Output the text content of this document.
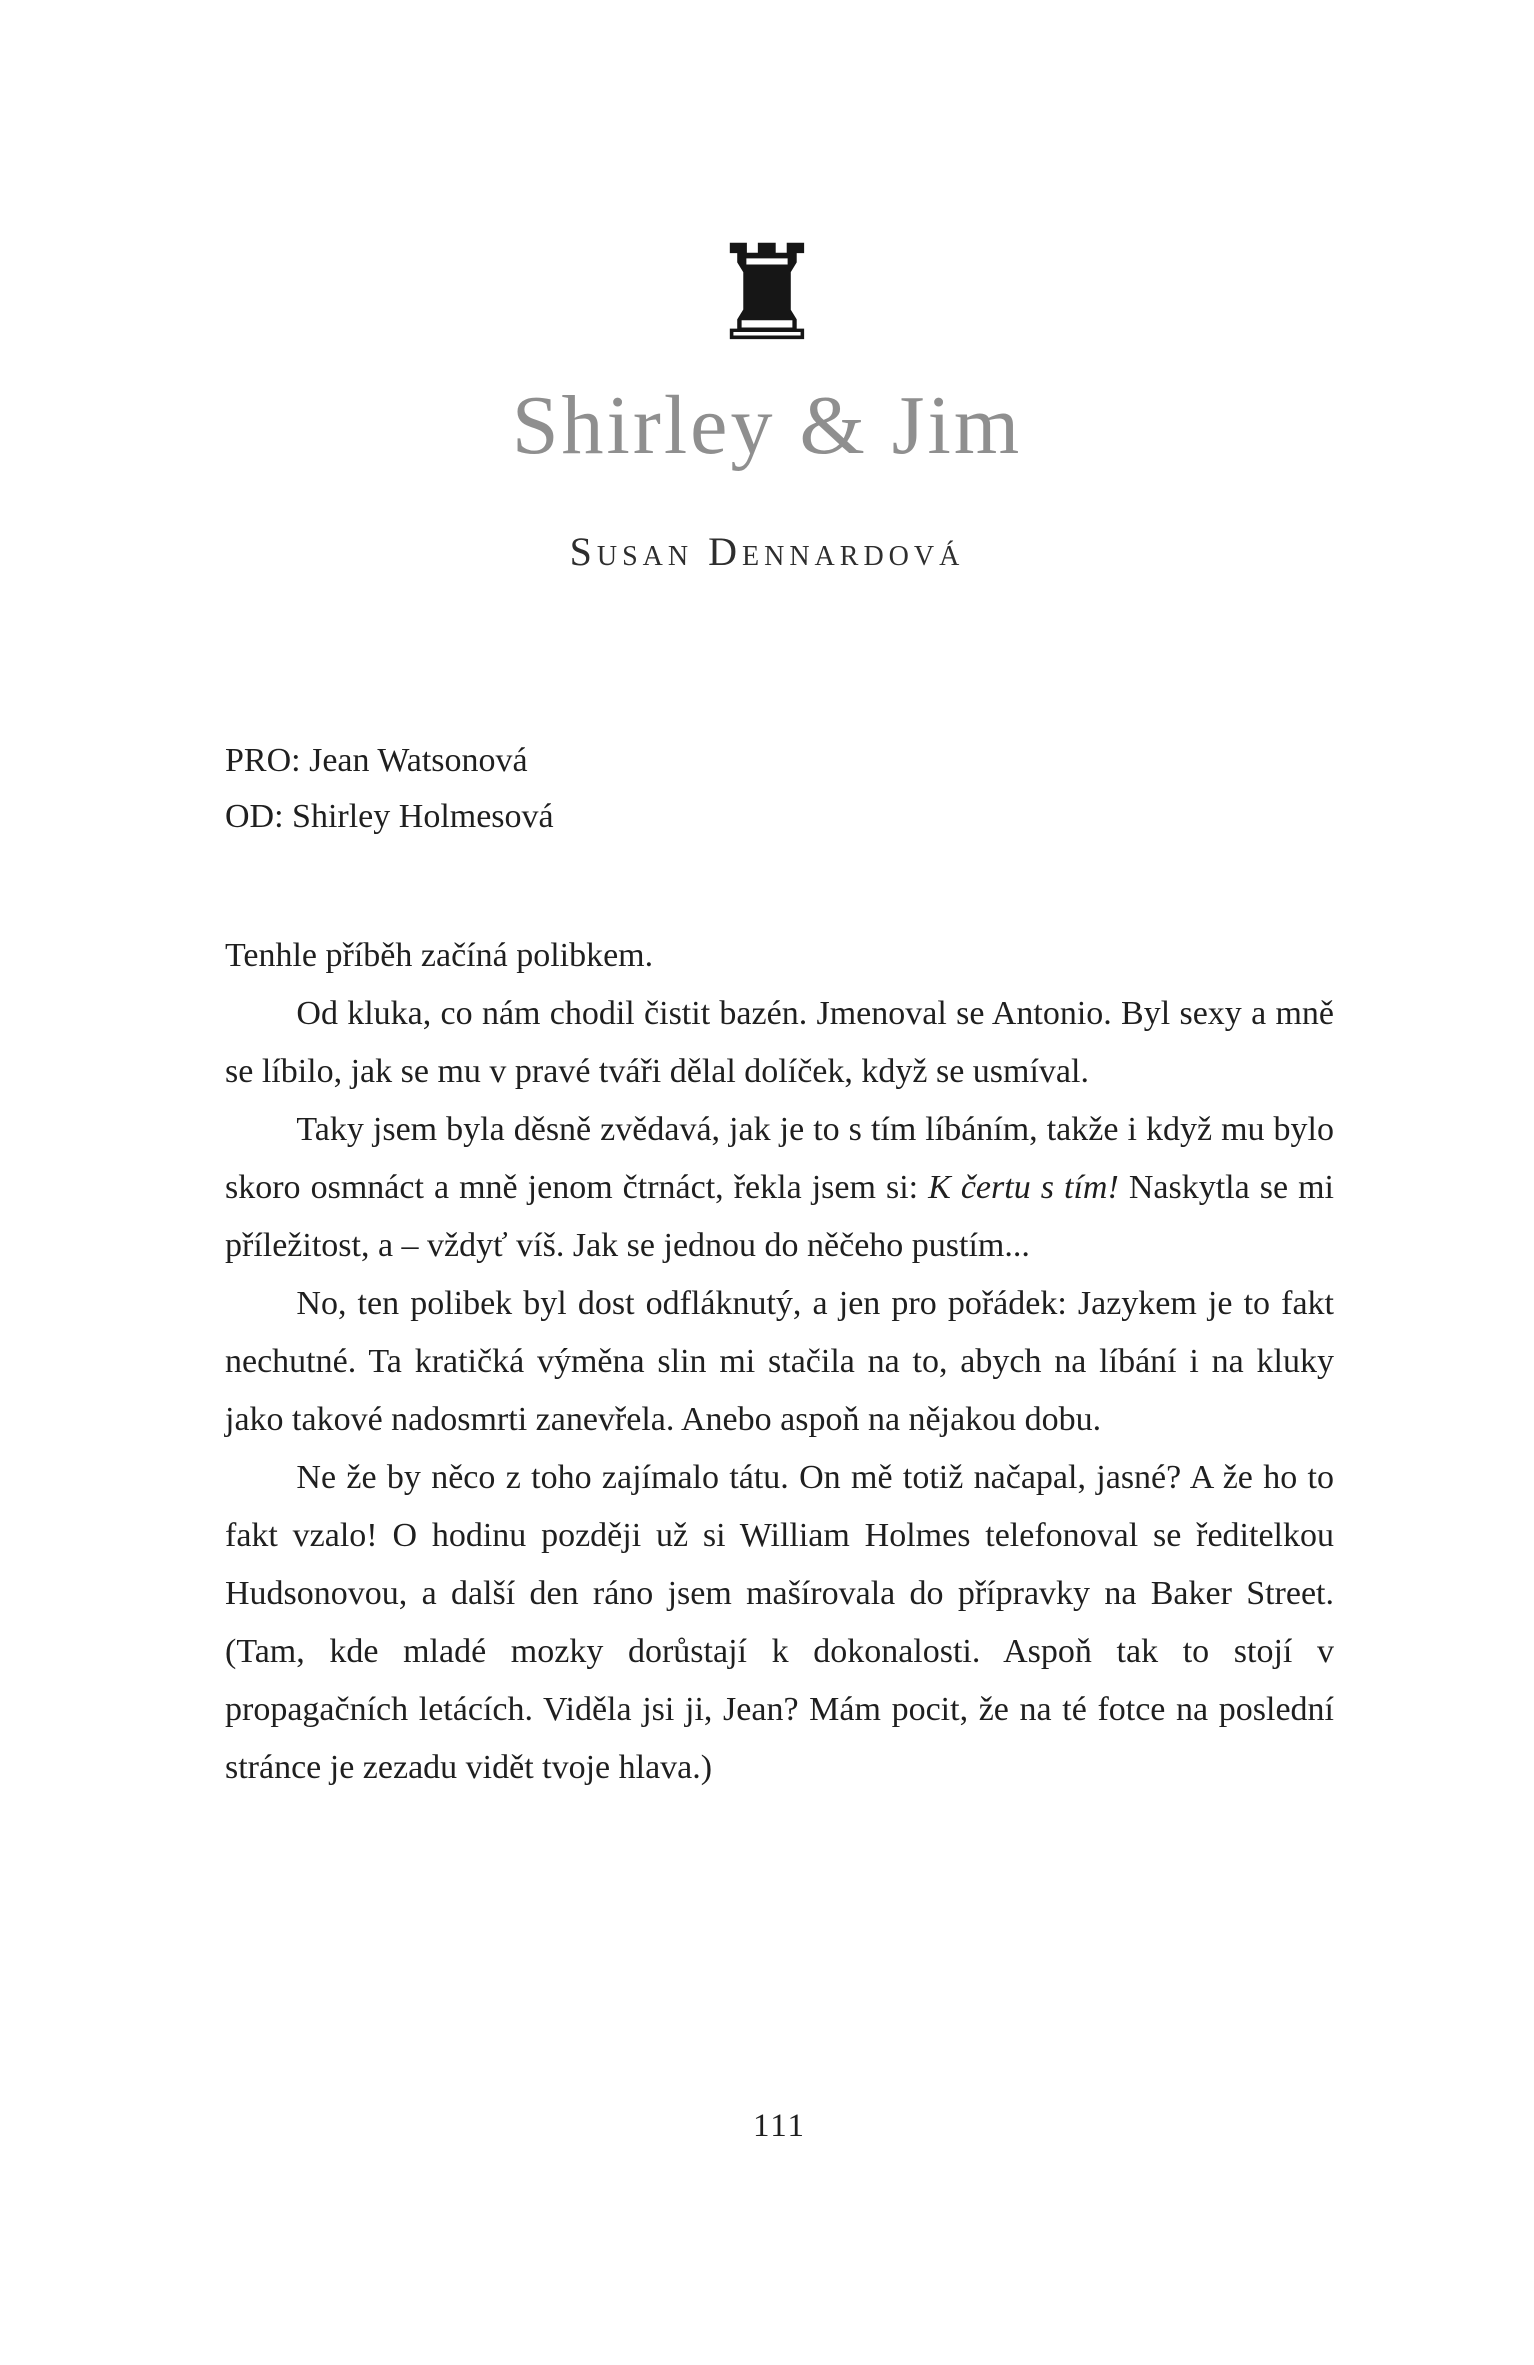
♜
Shirley & Jim
Susan Dennardová
PRO: Jean Watsonová
OD: Shirley Holmesová

Tenhle příběh začíná polibkem.

Od kluka, co nám chodil čistit bazén. Jmenoval se Antonio. Byl sexy a mně se líbilo, jak se mu v pravé tváři dělal dolíček, když se usmíval.

Taky jsem byla děsně zvědavá, jak je to s tím líbáním, takže i když mu bylo skoro osmnáct a mně jenom čtrnáct, řekla jsem si: K čertu s tím! Naskytla se mi příležitost, a – vždyť víš. Jak se jednou do něčeho pustím...

No, ten polibek byl dost odfláknutý, a jen pro pořádek: Jazykem je to fakt nechutné. Ta kratičká výměna slin mi stačila na to, abych na líbání i na kluky jako takové nadosmrti zanevřela. Anebo aspoň na nějakou dobu.

Ne že by něco z toho zajímalo tátu. On mě totiž načapal, jasné? A že ho to fakt vzalo! O hodinu později už si William Holmes telefonoval se ředitelkou Hudsonovou, a další den ráno jsem mašírovala do přípravky na Baker Street. (Tam, kde mladé mozky dorůstají k dokonalosti. Aspoň tak to stojí v propagačních letácích. Viděla jsi ji, Jean? Mám pocit, že na té fotce na poslední stránce je zezadu vidět tvoje hlava.)

111
